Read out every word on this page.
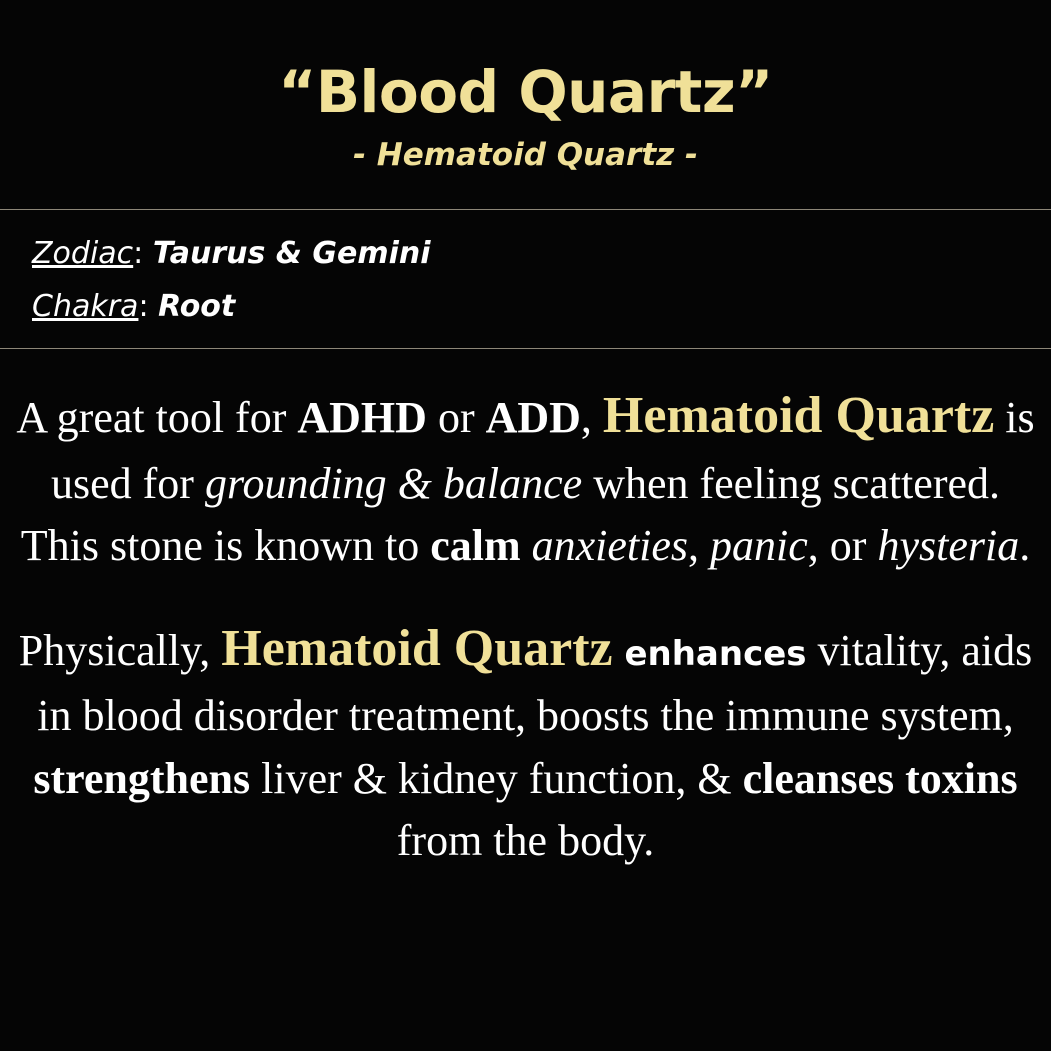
“Blood Quartz”
- Hematoid Quartz -
Zodiac: Taurus & Gemini
Chakra: Root

A great tool for ADHD or ADD, Hematoid Quartz is used for grounding & balance when feeling scattered. This stone is known to calm anxieties, panic, or hysteria.

Physically, Hematoid Quartz enhances vitality, aids in blood disorder treatment, boosts the immune system, strengthens liver & kidney function, & cleanses toxins from the body.
